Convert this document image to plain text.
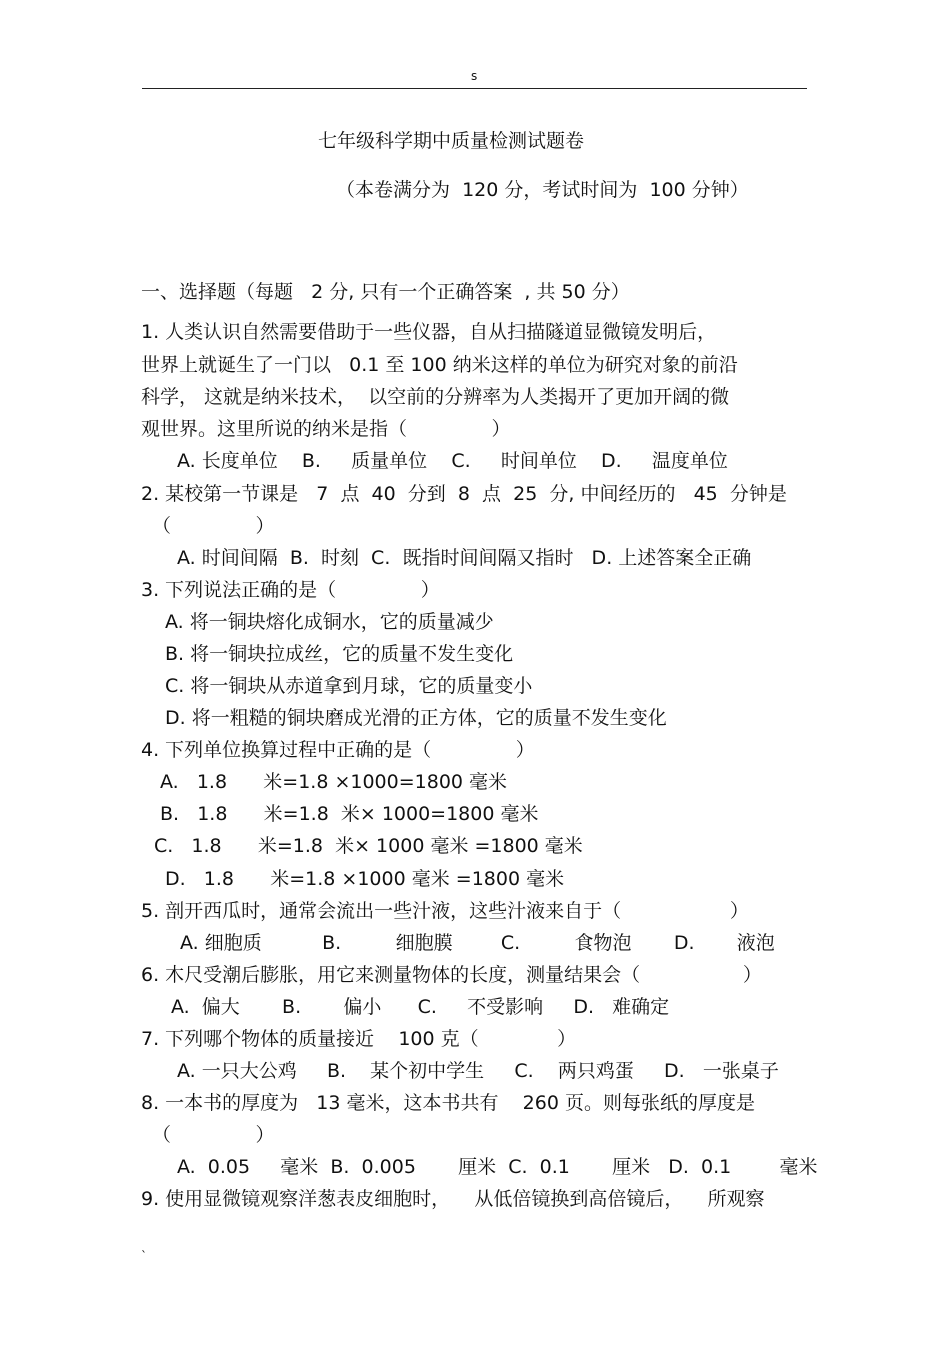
s
七年级科学期中质量检测试题卷
（本卷满分为  120 分，考试时间为  100 分钟）
一、选择题（每题   2 分, 只有一个正确答案  , 共 50 分）
1. 人类认识自然需要借助于一些仪器，自从扫描隧道显微镜发明后，
世界上就诞生了一门以   0.1 至 100 纳米这样的单位为研究对象的前沿
科学， 这就是纳米技术，  以空前的分辨率为人类揭开了更加开阔的微
观世界。这里所说的纳米是指（              ）
A. 长度单位    B.     质量单位    C.     时间单位    D.     温度单位
2. 某校第一节课是   7  点  40  分到  8  点  25  分, 中间经历的   45  分钟是
（              ）
A. 时间间隔  B.  时刻  C.  既指时间间隔又指时   D. 上述答案全正确
3. 下列说法正确的是（              ）
A. 将一铜块熔化成铜水，它的质量减少
B. 将一铜块拉成丝，它的质量不发生变化
C. 将一铜块从赤道拿到月球，它的质量变小
D. 将一粗糙的铜块磨成光滑的正方体，它的质量不发生变化
4. 下列单位换算过程中正确的是（              ）
A.   1.8      米=1.8 ×1000=1800 毫米
B.   1.8      米=1.8  米× 1000=1800 毫米
C.   1.8      米=1.8  米× 1000 毫米 =1800 毫米
D.   1.8      米=1.8 ×1000 毫米 =1800 毫米
5. 剖开西瓜时，通常会流出一些汁液，这些汁液来自于（                  ）
A. 细胞质          B.         细胞膜        C.         食物泡       D.       液泡
6. 木尺受潮后膨胀，用它来测量物体的长度，测量结果会（                 ）
A.  偏大       B.       偏小      C.     不受影响     D.   难确定
7. 下列哪个物体的质量接近    100 克（             ）
A. 一只大公鸡     B.    某个初中学生     C.    两只鸡蛋     D.   一张桌子
8. 一本书的厚度为   13 毫米，这本书共有    260 页。则每张纸的厚度是
（              ）
A.  0.05     毫米  B.  0.005       厘米  C.  0.1       厘米   D.  0.1        毫米
9. 使用显微镜观察洋葱表皮细胞时，    从低倍镜换到高倍镜后，    所观察
`
